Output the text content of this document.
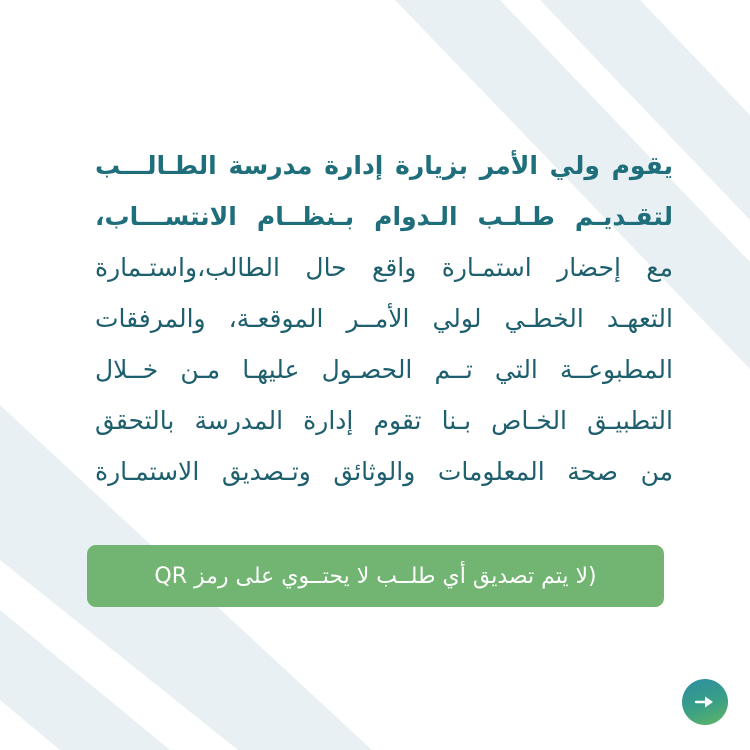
يقوم ولي الأمر بزيارة إدارة مدرسة الطـالـــب
لتقـديـم طـلـب الـدوام بـنظــام الانتســـاب،
مع إحضار استمـارة واقع حال الطالب،واستـمارة
التعهـد الخطـي لولي الأمــر الموقعـة، والمرفقات
المطبوعــة التي تــم الحصـول عليهـا مـن خــلال
التطبيـق الخـاص بـنا تقوم إدارة المدرسة بالتحقق
من صحة المعلومات والوثائق وتـصديق الاستمـارة
(لا يتم تصديق أي طلــب لا يحتــوي على رمز QR
